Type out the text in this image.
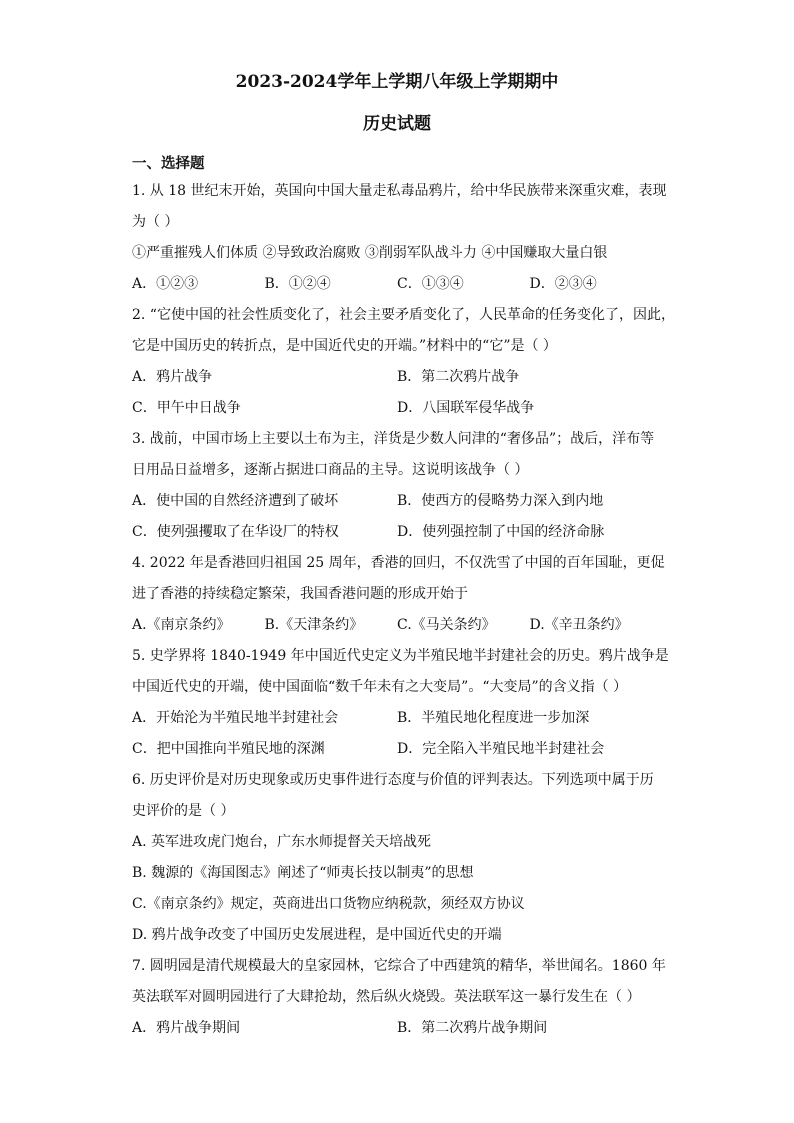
2023-2024学年上学期八年级上学期期中
历史试题
一、选择题
1. 从 18 世纪末开始，英国向中国大量走私毒品鸦片，给中华民族带来深重灾难，表现
为（ ）
①严重摧残人们体质 ②导致政治腐败 ③削弱军队战斗力 ④中国赚取大量白银
A．①②③	B．①②④	C．①③④	D．②③④
2. “它使中国的社会性质变化了，社会主要矛盾变化了，人民革命的任务变化了，因此，
它是中国历史的转折点，是中国近代史的开端。”材料中的“它”是（ ）
A．鸦片战争	B．第二次鸦片战争
C．甲午中日战争	D．八国联军侵华战争
3. 战前，中国市场上主要以土布为主，洋货是少数人问津的“奢侈品”；战后，洋布等
日用品日益增多，逐渐占据进口商品的主导。这说明该战争（ ）
A．使中国的自然经济遭到了破坏	B．使西方的侵略势力深入到内地
C．使列强攫取了在华设厂的特权	D．使列强控制了中国的经济命脉
4. 2022 年是香港回归祖国 25 周年，香港的回归，不仅洗雪了中国的百年国耻，更促
进了香港的持续稳定繁荣，我国香港问题的形成开始于
A.《南京条约》	B.《天津条约》	C.《马关条约》	D.《辛丑条约》
5. 史学界将 1840-1949 年中国近代史定义为半殖民地半封建社会的历史。鸦片战争是
中国近代史的开端，使中国面临“数千年未有之大变局”。“大变局”的含义指（ ）
A．开始沦为半殖民地半封建社会	B．半殖民地化程度进一步加深
C．把中国推向半殖民地的深渊	D．完全陷入半殖民地半封建社会
6. 历史评价是对历史现象或历史事件进行态度与价值的评判表达。下列选项中属于历
史评价的是（ ）
A. 英军进攻虎门炮台，广东水师提督关天培战死
B. 魏源的《海国图志》阐述了“师夷长技以制夷”的思想
C.《南京条约》规定，英商进出口货物应纳税款，须经双方协议
D. 鸦片战争改变了中国历史发展进程，是中国近代史的开端
7. 圆明园是清代规模最大的皇家园林，它综合了中西建筑的精华，举世闻名。1860 年
英法联军对圆明园进行了大肆抢劫，然后纵火烧毁。英法联军这一暴行发生在（ ）
A．鸦片战争期间	B．第二次鸦片战争期间
